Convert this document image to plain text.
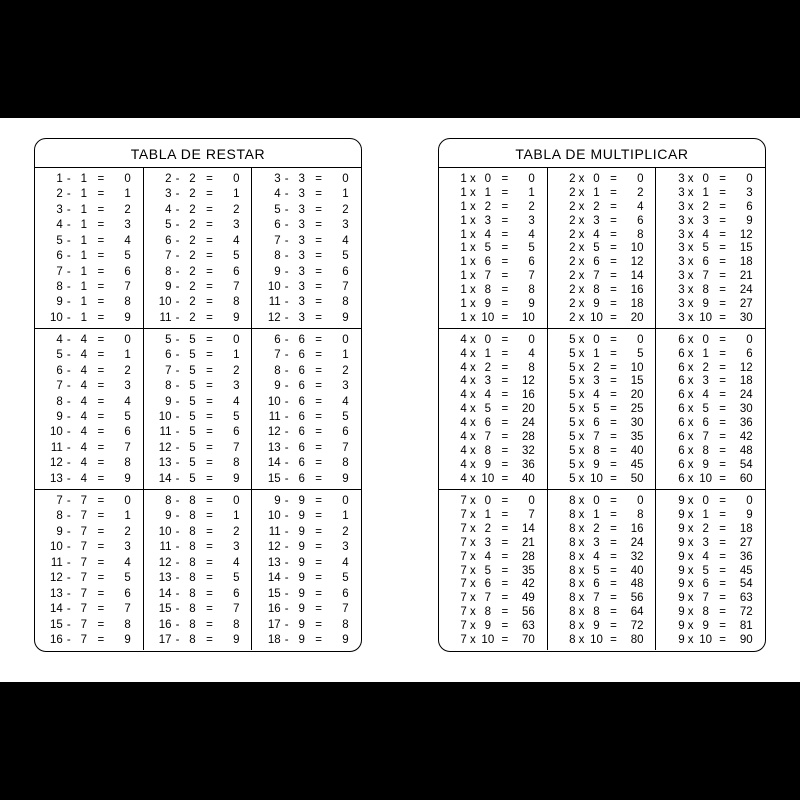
TABLA DE RESTAR
1 - 1 =	0
2 - 1 =	1
3 - 1 =	2
4 - 1 =	3
5 - 1 =	4
6 - 1 =	5
7 - 1 =	6
8 - 1 =	7
9 - 1 =	8
10 - 1 =	9
2 - 2 =	0
3 - 2 =	1
4 - 2 =	2
5 - 2 =	3
6 - 2 =	4
7 - 2 =	5
8 - 2 =	6
9 - 2 =	7
10 - 2 =	8
11 - 2 =	9
3 - 3 =	0
4 - 3 =	1
5 - 3 =	2
6 - 3 =	3
7 - 3 =	4
8 - 3 =	5
9 - 3 =	6
10 - 3 =	7
11 - 3 =	8
12 - 3 =	9
4 - 4 =	0
5 - 4 =	1
6 - 4 =	2
7 - 4 =	3
8 - 4 =	4
9 - 4 =	5
10 - 4 =	6
11 - 4 =	7
12 - 4 =	8
13 - 4 =	9
5 - 5 =	0
6 - 5 =	1
7 - 5 =	2
8 - 5 =	3
9 - 5 =	4
10 - 5 =	5
11 - 5 =	6
12 - 5 =	7
13 - 5 =	8
14 - 5 =	9
6 - 6 =	0
7 - 6 =	1
8 - 6 =	2
9 - 6 =	3
10 - 6 =	4
11 - 6 =	5
12 - 6 =	6
13 - 6 =	7
14 - 6 =	8
15 - 6 =	9
7 - 7 =	0
8 - 7 =	1
9 - 7 =	2
10 - 7 =	3
11 - 7 =	4
12 - 7 =	5
13 - 7 =	6
14 - 7 =	7
15 - 7 =	8
16 - 7 =	9
8 - 8 =	0
9 - 8 =	1
10 - 8 =	2
11 - 8 =	3
12 - 8 =	4
13 - 8 =	5
14 - 8 =	6
15 - 8 =	7
16 - 8 =	8
17 - 8 =	9
9 - 9 =	0
10 - 9 =	1
11 - 9 =	2
12 - 9 =	3
13 - 9 =	4
14 - 9 =	5
15 - 9 =	6
16 - 9 =	7
17 - 9 =	8
18 - 9 =	9
TABLA DE MULTIPLICAR
1 x 0 =	0
1 x 1 =	1
1 x 2 =	2
1 x 3 =	3
1 x 4 =	4
1 x 5 =	5
1 x 6 =	6
1 x 7 =	7
1 x 8 =	8
1 x 9 =	9
1 x 10 =	10
2 x 0 =	0
2 x 1 =	2
2 x 2 =	4
2 x 3 =	6
2 x 4 =	8
2 x 5 =	10
2 x 6 =	12
2 x 7 =	14
2 x 8 =	16
2 x 9 =	18
2 x 10 =	20
3 x 0 =	0
3 x 1 =	3
3 x 2 =	6
3 x 3 =	9
3 x 4 =	12
3 x 5 =	15
3 x 6 =	18
3 x 7 =	21
3 x 8 =	24
3 x 9 =	27
3 x 10 =	30
4 x 0 =	0
4 x 1 =	4
4 x 2 =	8
4 x 3 =	12
4 x 4 =	16
4 x 5 =	20
4 x 6 =	24
4 x 7 =	28
4 x 8 =	32
4 x 9 =	36
4 x 10 =	40
5 x 0 =	0
5 x 1 =	5
5 x 2 =	10
5 x 3 =	15
5 x 4 =	20
5 x 5 =	25
5 x 6 =	30
5 x 7 =	35
5 x 8 =	40
5 x 9 =	45
5 x 10 =	50
6 x 0 =	0
6 x 1 =	6
6 x 2 =	12
6 x 3 =	18
6 x 4 =	24
6 x 5 =	30
6 x 6 =	36
6 x 7 =	42
6 x 8 =	48
6 x 9 =	54
6 x 10 =	60
7 x 0 =	0
7 x 1 =	7
7 x 2 =	14
7 x 3 =	21
7 x 4 =	28
7 x 5 =	35
7 x 6 =	42
7 x 7 =	49
7 x 8 =	56
7 x 9 =	63
7 x 10 =	70
8 x 0 =	0
8 x 1 =	8
8 x 2 =	16
8 x 3 =	24
8 x 4 =	32
8 x 5 =	40
8 x 6 =	48
8 x 7 =	56
8 x 8 =	64
8 x 9 =	72
8 x 10 =	80
9 x 0 =	0
9 x 1 =	9
9 x 2 =	18
9 x 3 =	27
9 x 4 =	36
9 x 5 =	45
9 x 6 =	54
9 x 7 =	63
9 x 8 =	72
9 x 9 =	81
9 x 10 =	90
